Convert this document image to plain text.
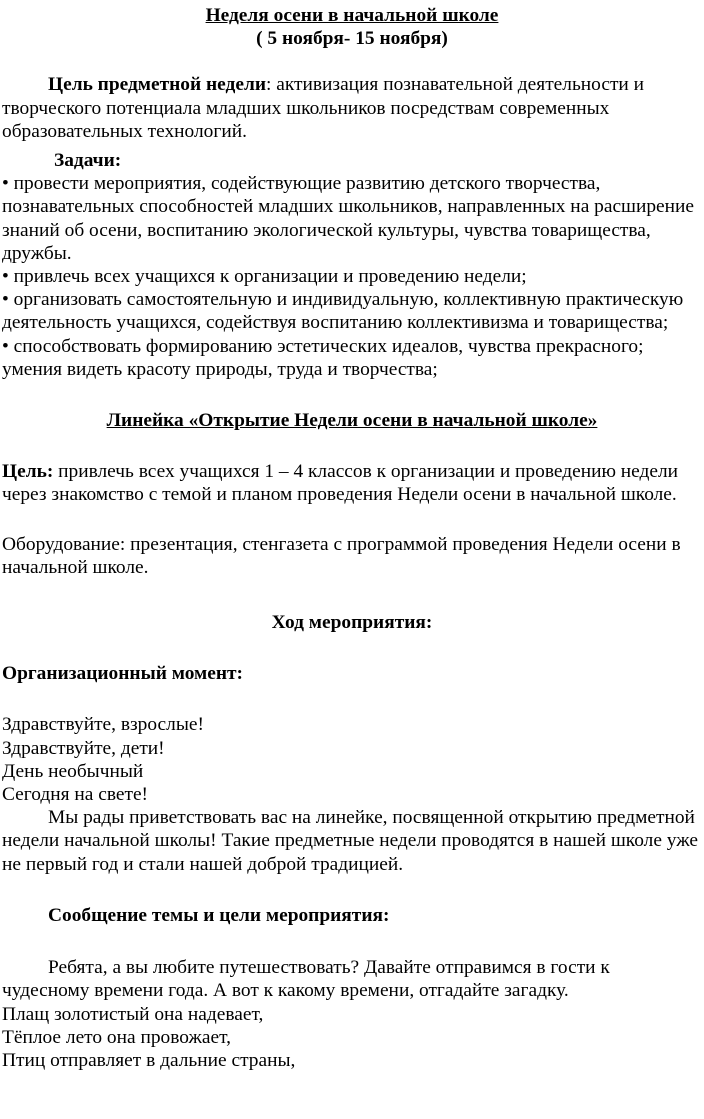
Неделя осени в начальной школе

( 5 ноября- 15 ноября)

Цель предметной недели: активизация познавательной деятельности и творческого потенциала младших школьников посредствам современных образовательных технологий.

Задачи:

• провести мероприятия, содействующие развитию детского творчества, познавательных способностей младших школьников, направленных на расширение знаний об осени, воспитанию экологической культуры, чувства товарищества, дружбы.

• привлечь всех учащихся к организации и проведению недели;

• организовать самостоятельную и индивидуальную, коллективную практическую деятельность учащихся, содействуя воспитанию коллективизма и товарищества;

• способствовать формированию эстетических идеалов, чувства прекрасного; умения видеть красоту природы, труда и творчества;

Линейка «Открытие Недели осени в начальной школе»

Цель: привлечь всех учащихся 1 – 4 классов к организации и проведению недели через знакомство с темой и планом проведения Недели осени в начальной школе.

Оборудование: презентация, стенгазета с программой проведения Недели осени в начальной школе.

Ход мероприятия:

Организационный момент:

Здравствуйте, взрослые!

Здравствуйте, дети!

День необычный

Сегодня на свете!

Мы рады приветствовать вас на линейке, посвященной открытию предметной недели начальной школы! Такие предметные недели проводятся в нашей школе уже не первый год и стали нашей доброй традицией.

Сообщение темы и цели мероприятия:

Ребята, а вы любите путешествовать? Давайте отправимся в гости к чудесному времени года. А вот к какому времени, отгадайте загадку.

Плащ золотистый она надевает,

Тёплое лето она провожает,

Птиц отправляет в дальние страны,
